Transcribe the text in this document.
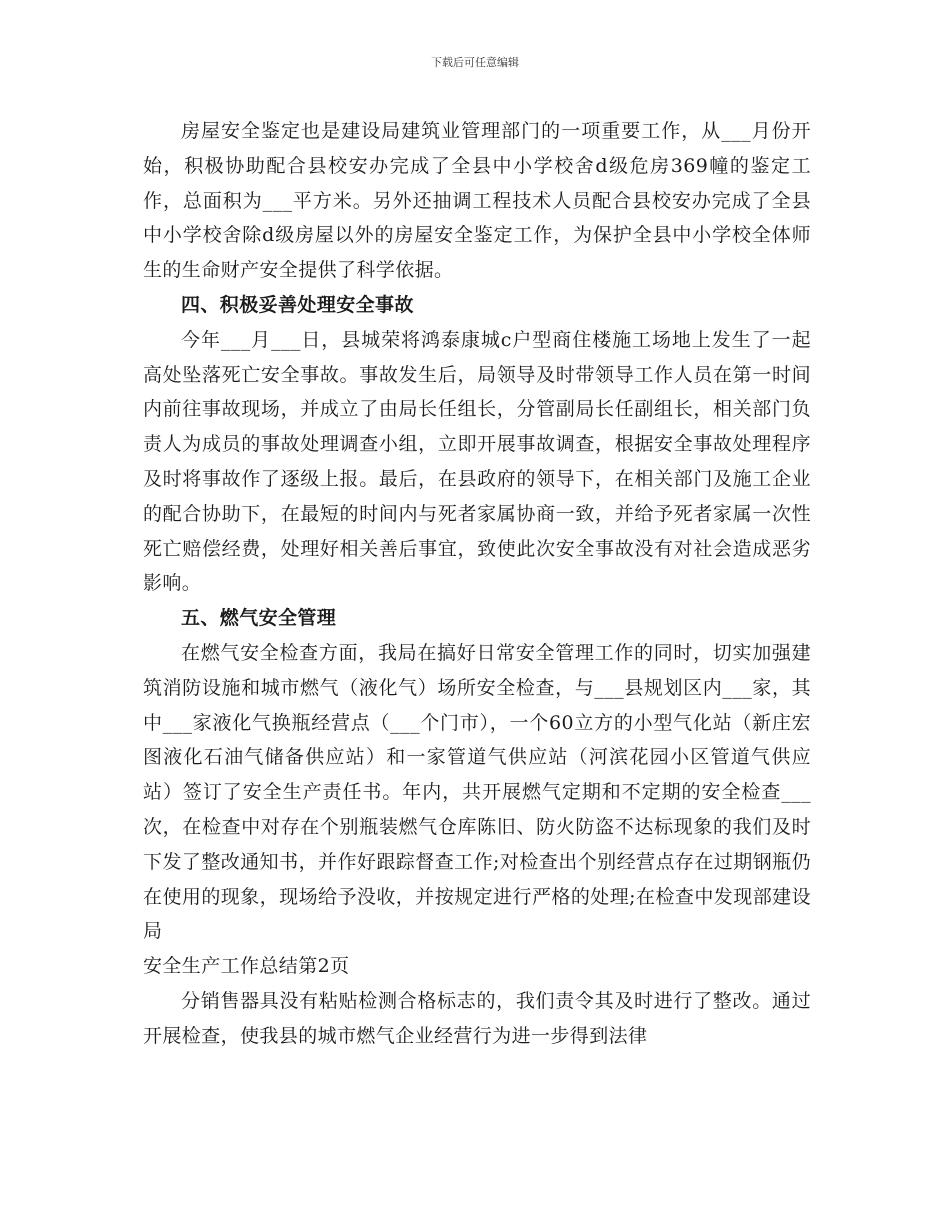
下载后可任意编辑

房屋安全鉴定也是建设局建筑业管理部门的一项重要工作，从___月份开始，积极协助配合县校安办完成了全县中小学校舍d级危房369幢的鉴定工作，总面积为___平方米。另外还抽调工程技术人员配合县校安办完成了全县中小学校舍除d级房屋以外的房屋安全鉴定工作，为保护全县中小学校全体师生的生命财产安全提供了科学依据。

四、积极妥善处理安全事故

今年___月___日，县城荣将鸿泰康城c户型商住楼施工场地上发生了一起高处坠落死亡安全事故。事故发生后，局领导及时带领导工作人员在第一时间内前往事故现场，并成立了由局长任组长，分管副局长任副组长，相关部门负责人为成员的事故处理调查小组，立即开展事故调查，根据安全事故处理程序及时将事故作了逐级上报。最后，在县政府的领导下，在相关部门及施工企业的配合协助下，在最短的时间内与死者家属协商一致，并给予死者家属一次性死亡赔偿经费，处理好相关善后事宜，致使此次安全事故没有对社会造成恶劣影响。

五、燃气安全管理

在燃气安全检查方面，我局在搞好日常安全管理工作的同时，切实加强建筑消防设施和城市燃气（液化气）场所安全检查，与___县规划区内___家，其中___家液化气换瓶经营点（___个门市），一个60立方的小型气化站（新庄宏图液化石油气储备供应站）和一家管道气供应站（河滨花园小区管道气供应站）签订了安全生产责任书。年内，共开展燃气定期和不定期的安全检查___次，在检查中对存在个别瓶装燃气仓库陈旧、防火防盗不达标现象的我们及时下发了整改通知书，并作好跟踪督查工作;对检查出个别经营点存在过期钢瓶仍在使用的现象，现场给予没收，并按规定进行严格的处理;在检查中发现部建设局

安全生产工作总结第2页

分销售器具没有粘贴检测合格标志的，我们责令其及时进行了整改。通过开展检查，使我县的城市燃气企业经营行为进一步得到法律
